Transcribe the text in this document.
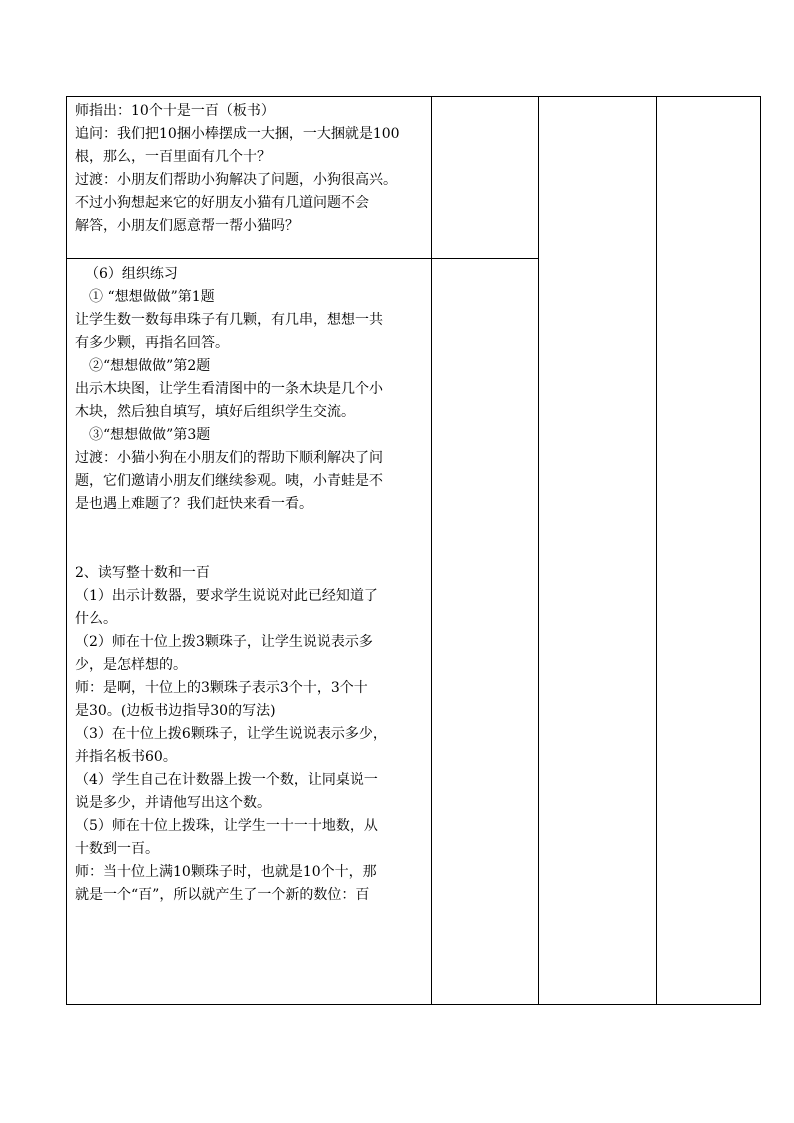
师指出：10个十是一百（板书）
追问：我们把10捆小棒摆成一大捆，一大捆就是100
根，那么，一百里面有几个十？
过渡：小朋友们帮助小狗解决了问题，小狗很高兴。
不过小狗想起来它的好朋友小猫有几道问题不会
解答，小朋友们愿意帮一帮小猫吗？
（6）组织练习
① “想想做做”第1题
让学生数一数每串珠子有几颗，有几串，想想一共
有多少颗，再指名回答。
②“想想做做”第2题
出示木块图，让学生看清图中的一条木块是几个小
木块，然后独自填写，填好后组织学生交流。
③“想想做做”第3题
过渡：小猫小狗在小朋友们的帮助下顺利解决了问
题，它们邀请小朋友们继续参观。咦，小青蛙是不
是也遇上难题了？我们赶快来看一看。
2、读写整十数和一百
（1）出示计数器，要求学生说说对此已经知道了
什么。
（2）师在十位上拨3颗珠子，让学生说说表示多
少，是怎样想的。
师：是啊，十位上的3颗珠子表示3个十，3个十
是30。(边板书边指导30的写法)
（3）在十位上拨6颗珠子，让学生说说表示多少，
并指名板书60。
（4）学生自己在计数器上拨一个数，让同桌说一
说是多少，并请他写出这个数。
（5）师在十位上拨珠，让学生一十一十地数，从
十数到一百。
师：当十位上满10颗珠子时，也就是10个十，那
就是一个“百”，所以就产生了一个新的数位：百
